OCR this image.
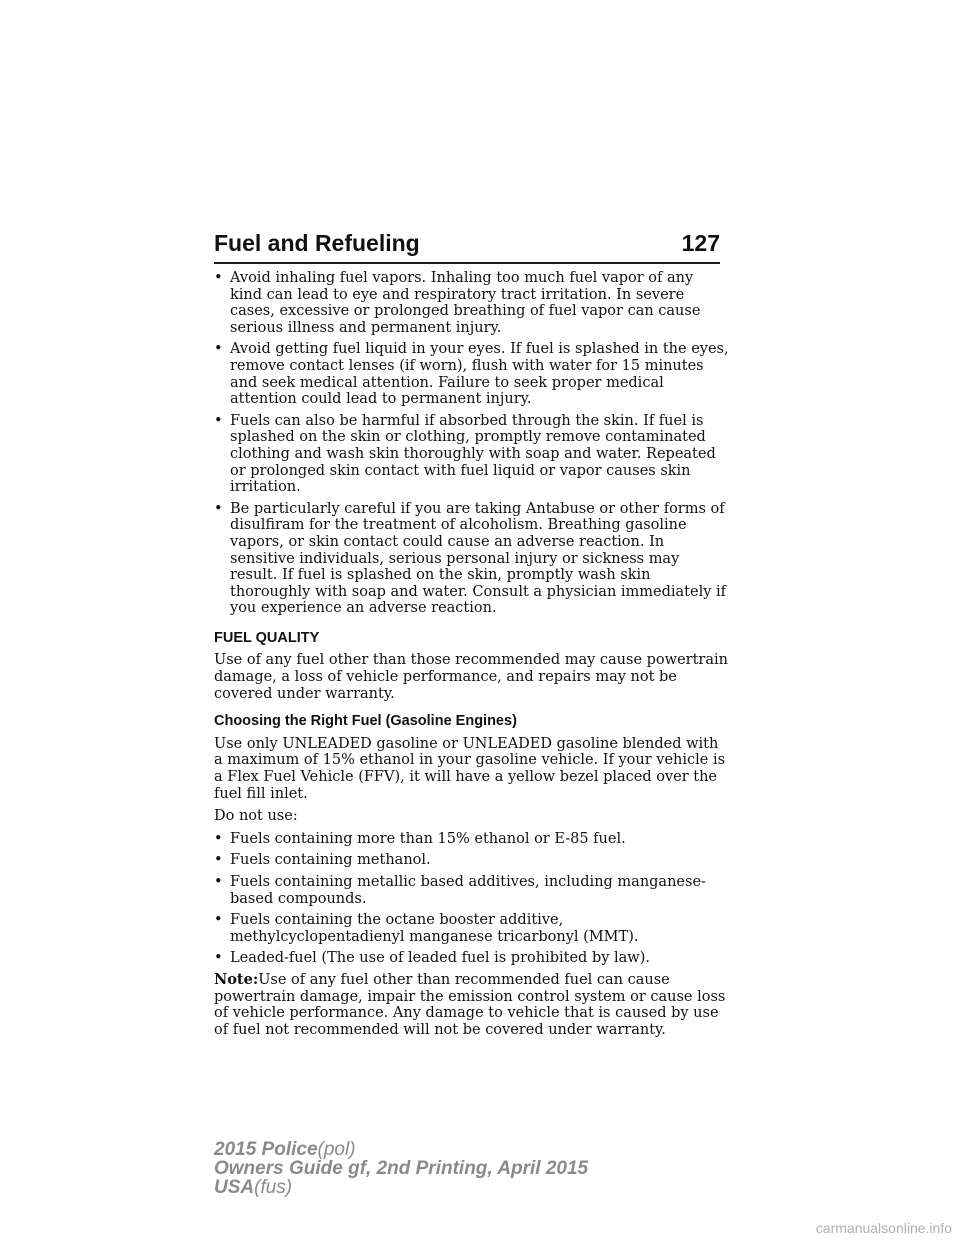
Fuel and Refueling	127
• Avoid inhaling fuel vapors. Inhaling too much fuel vapor of any kind can lead to eye and respiratory tract irritation. In severe cases, excessive or prolonged breathing of fuel vapor can cause serious illness and permanent injury.
• Avoid getting fuel liquid in your eyes. If fuel is splashed in the eyes, remove contact lenses (if worn), flush with water for 15 minutes and seek medical attention. Failure to seek proper medical attention could lead to permanent injury.
• Fuels can also be harmful if absorbed through the skin. If fuel is splashed on the skin or clothing, promptly remove contaminated clothing and wash skin thoroughly with soap and water. Repeated or prolonged skin contact with fuel liquid or vapor causes skin irritation.
• Be particularly careful if you are taking Antabuse or other forms of disulfiram for the treatment of alcoholism. Breathing gasoline vapors, or skin contact could cause an adverse reaction. In sensitive individuals, serious personal injury or sickness may result. If fuel is splashed on the skin, promptly wash skin thoroughly with soap and water. Consult a physician immediately if you experience an adverse reaction.
FUEL QUALITY

Use of any fuel other than those recommended may cause powertrain damage, a loss of vehicle performance, and repairs may not be covered under warranty.

Choosing the Right Fuel (Gasoline Engines)

Use only UNLEADED gasoline or UNLEADED gasoline blended with a maximum of 15% ethanol in your gasoline vehicle. If your vehicle is a Flex Fuel Vehicle (FFV), it will have a yellow bezel placed over the fuel fill inlet.

Do not use:

• Fuels containing more than 15% ethanol or E-85 fuel.
• Fuels containing methanol.
• Fuels containing metallic based additives, including manganese-based compounds.
• Fuels containing the octane booster additive, methylcyclopentadienyl manganese tricarbonyl (MMT).
• Leaded-fuel (The use of leaded fuel is prohibited by law).

Note:Use of any fuel other than recommended fuel can cause powertrain damage, impair the emission control system or cause loss of vehicle performance. Any damage to vehicle that is caused by use of fuel not recommended will not be covered under warranty.

2015 Police(pol)
Owners Guide gf, 2nd Printing, April 2015
USA(fus)
carmanualsonline.info
